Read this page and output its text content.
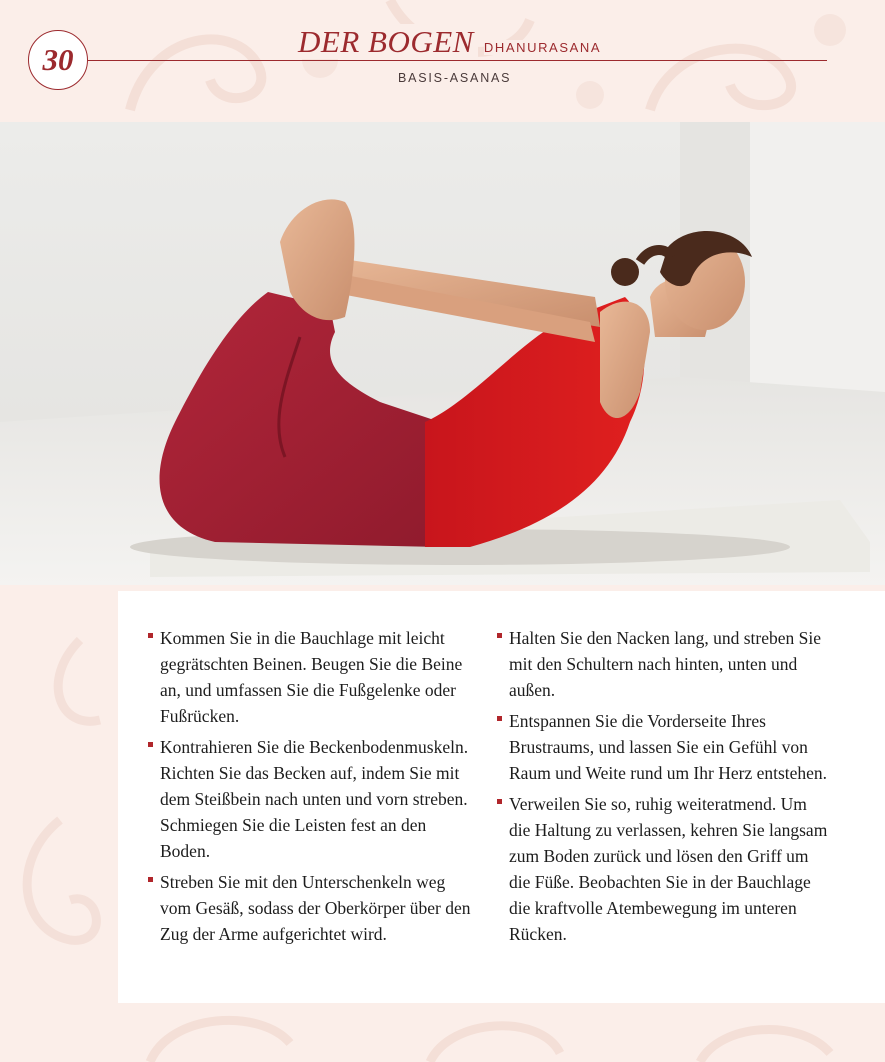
30
DER BOGEN DHANURASANA
BASIS-ASANAS
Kommen Sie in die Bauchlage mit leicht gegrätschten Beinen. Beugen Sie die Beine an, und umfassen Sie die Fußgelenke oder Fußrücken.
Kontrahieren Sie die Beckenbodenmuskeln. Richten Sie das Becken auf, indem Sie mit dem Steißbein nach unten und vorn streben. Schmiegen Sie die Leisten fest an den Boden.
Streben Sie mit den Unterschenkeln weg vom Gesäß, sodass der Oberkörper über den Zug der Arme aufgerichtet wird.
Halten Sie den Nacken lang, und streben Sie mit den Schultern nach hinten, unten und außen.
Entspannen Sie die Vorderseite Ihres Brustraums, und lassen Sie ein Gefühl von Raum und Weite rund um Ihr Herz entstehen.
Verweilen Sie so, ruhig weiteratmend. Um die Haltung zu verlassen, kehren Sie langsam zum Boden zurück und lösen den Griff um die Füße. Beobachten Sie in der Bauchlage die kraftvolle Atembewegung im unteren Rücken.
